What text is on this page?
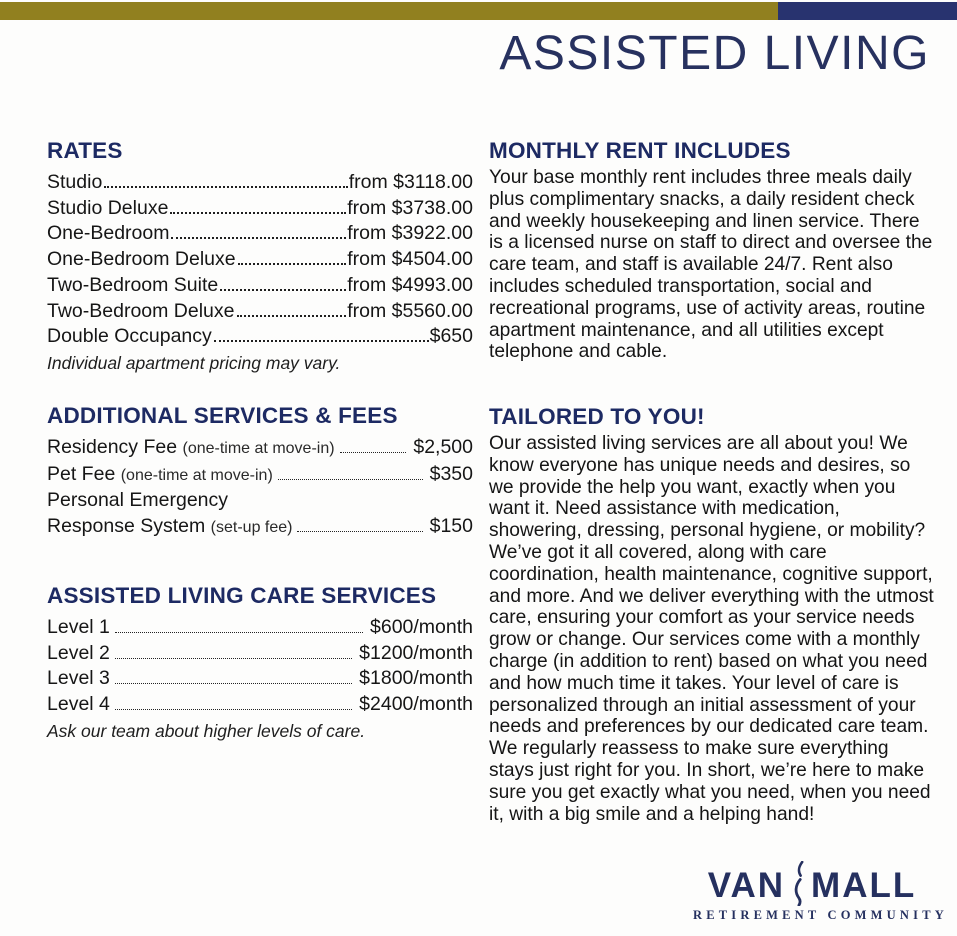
ASSISTED LIVING
RATES
Studio	from $3118.00
Studio Deluxe	from $3738.00
One-Bedroom	from $3922.00
One-Bedroom Deluxe	from $4504.00
Two-Bedroom Suite	from $4993.00
Two-Bedroom Deluxe	from $5560.00
Double Occupancy	$650

Individual apartment pricing may vary.

ADDITIONAL SERVICES & FEES
Residency Fee (one-time at move-in)	$2,500
Pet Fee (one-time at move-in)	$350
Personal Emergency
Response System (set-up fee)	$150
ASSISTED LIVING CARE SERVICES
Level 1	$600/month
Level 2	$1200/month
Level 3	$1800/month
Level 4	$2400/month

Ask our team about higher levels of care.

MONTHLY RENT INCLUDES

Your base monthly rent includes three meals daily plus complimentary snacks, a daily resident check and weekly housekeeping and linen service. There is a licensed nurse on staff to direct and oversee the care team, and staff is available 24/7. Rent also includes scheduled transportation, social and recreational programs, use of activity areas, routine apartment maintenance, and all utilities except telephone and cable.

TAILORED TO YOU!

Our assisted living services are all about you! We know everyone has unique needs and desires, so we provide the help you want, exactly when you want it. Need assistance with medication, showering, dressing, personal hygiene, or mobility? We’ve got it all covered, along with care coordination, health maintenance, cognitive support, and more. And we deliver everything with the utmost care, ensuring your comfort as your service needs grow or change. Our services come with a monthly charge (in addition to rent) based on what you need and how much time it takes. Your level of care is personalized through an initial assessment of your needs and preferences by our dedicated care team. We regularly reassess to make sure everything stays just right for you. In short, we’re here to make sure you get exactly what you need, when you need it, with a big smile and a helping hand!

VAN MALL
RETIREMENT COMMUNITY
